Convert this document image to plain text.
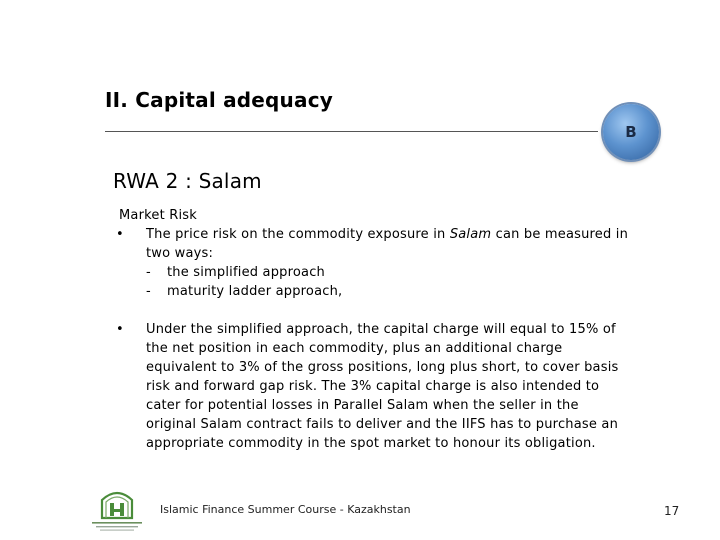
II. Capital adequacy
B
RWA 2 : Salam

Market Risk

• The price risk on the commodity exposure in Salam can be measured in two ways:
- the simplified approach
- maturity ladder approach,
• Under the simplified approach, the capital charge will equal to 15% of the net position in each commodity, plus an additional charge equivalent to 3% of the gross positions, long plus short, to cover basis risk and forward gap risk. The 3% capital charge is also intended to cater for potential losses in Parallel Salam when the seller in the original Salam contract fails to deliver and the IIFS has to purchase an appropriate commodity in the spot market to honour its obligation.
Islamic Finance Summer Course - Kazakhstan	17
